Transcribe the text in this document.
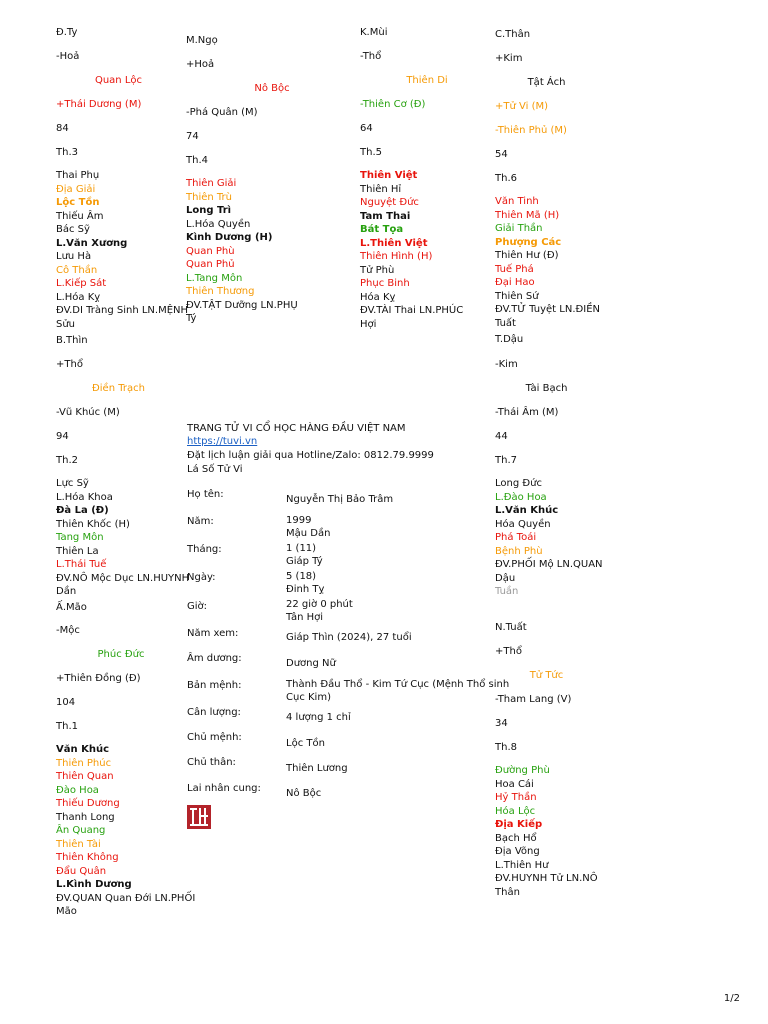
Đ.Ty
-Hoả
Quan Lộc
+Thái Dương (M)
84
Th.3
Thai Phụ
Địa Giải
Lộc Tồn
Thiếu Âm
Bác Sỹ
L.Văn Xương
Lưu Hà
Cô Thần
L.Kiếp Sát
L.Hóa Kỵ
ĐV.DI Tràng Sinh LN.MỆNH
Sửu
B.Thìn
M.Ngọ
+Hoả
Nô Bộc
-Phá Quân (M)
74
Th.4
Thiên Giải
Thiên Trù
Long Trì
L.Hóa Quyền
Kình Dương (H)
Quan Phù
Quan Phủ
L.Tang Môn
Thiên Thương
ĐV.TẬT Dưỡng LN.PHỤ
Tý
K.Mùi
-Thổ
Thiên Di
-Thiên Cơ (Đ)
64
Th.5
Thiên Việt
Thiên Hỉ
Nguyệt Đức
Tam Thai
Bát Tọa
L.Thiên Việt
Thiên Hình (H)
Tử Phù
Phục Binh
Hóa Kỵ
ĐV.TÀI Thai LN.PHÚC
Hợi
C.Thân
+Kim
Tật Ách
+Tử Vi (M)
-Thiên Phủ (M)
54
Th.6
Văn Tinh
Thiên Mã (H)
Giải Thần
Phượng Các
Thiên Hư (Đ)
Tuế Phá
Đại Hao
Thiên Sứ
ĐV.TỬ Tuyệt LN.ĐIỀN
Tuất
T.Dậu
+Thổ
Điền Trạch
-Vũ Khúc (M)
94
Th.2
Lực Sỹ
L.Hóa Khoa
Đà La (Đ)
Thiên Khốc (H)
Tang Môn
Thiên La
L.Thái Tuế
ĐV.NÔ Mộc Dục LN.HUYNH
Dần
Ấ.Mão
TRANG TỬ VI CỔ HỌC HÀNG ĐẦU VIỆT NAM
https://tuvi.vn
Đặt lịch luận giải qua Hotline/Zalo: 0812.79.9999
Lá Số Tử Vi
Họ tên:	Nguyễn Thị Bảo Trâm
Năm:	1999
Mậu Dần
Tháng:	1 (11)
Giáp Tý
Ngày:	5 (18)
Đinh Tỵ
Giờ:	22 giờ 0 phút
Tân Hợi
Năm xem:	Giáp Thìn (2024), 27 tuổi
Âm dương:	Dương Nữ
Bản mệnh:	Thành Đầu Thổ - Kim Tứ Cục (Mệnh Thổ sinh
Cục Kim)
Cân lượng:	4 lượng 1 chỉ
Chủ mệnh:
Lộc Tồn
Chủ thân:
Thiên Lương
Lai nhân cung:	Nô Bộc
-Kim
Tài Bạch
-Thái Âm (M)
44
Th.7
Long Đức
L.Đào Hoa
L.Văn Khúc
Hóa Quyền
Phá Toái
Bệnh Phù
ĐV.PHỐI Mộ LN.QUAN
Dậu
Tuần
N.Tuất
-Mộc
Phúc Đức
+Thiên Đồng (Đ)
104
Th.1
Văn Khúc
Thiên Phúc
Thiên Quan
Đào Hoa
Thiếu Dương
Thanh Long
Ân Quang
Thiên Tài
Thiên Không
Đẩu Quân
L.Kình Dương
ĐV.QUAN Quan Đới LN.PHỐI
Mão
+Thổ
Tử Tức
-Tham Lang (V)
34
Th.8
Đường Phù
Hoa Cái
Hỷ Thần
Hóa Lộc
Địa Kiếp
Bạch Hổ
Địa Võng
L.Thiên Hư
ĐV.HUYNH Tử LN.NÔ
Thân
1/2
